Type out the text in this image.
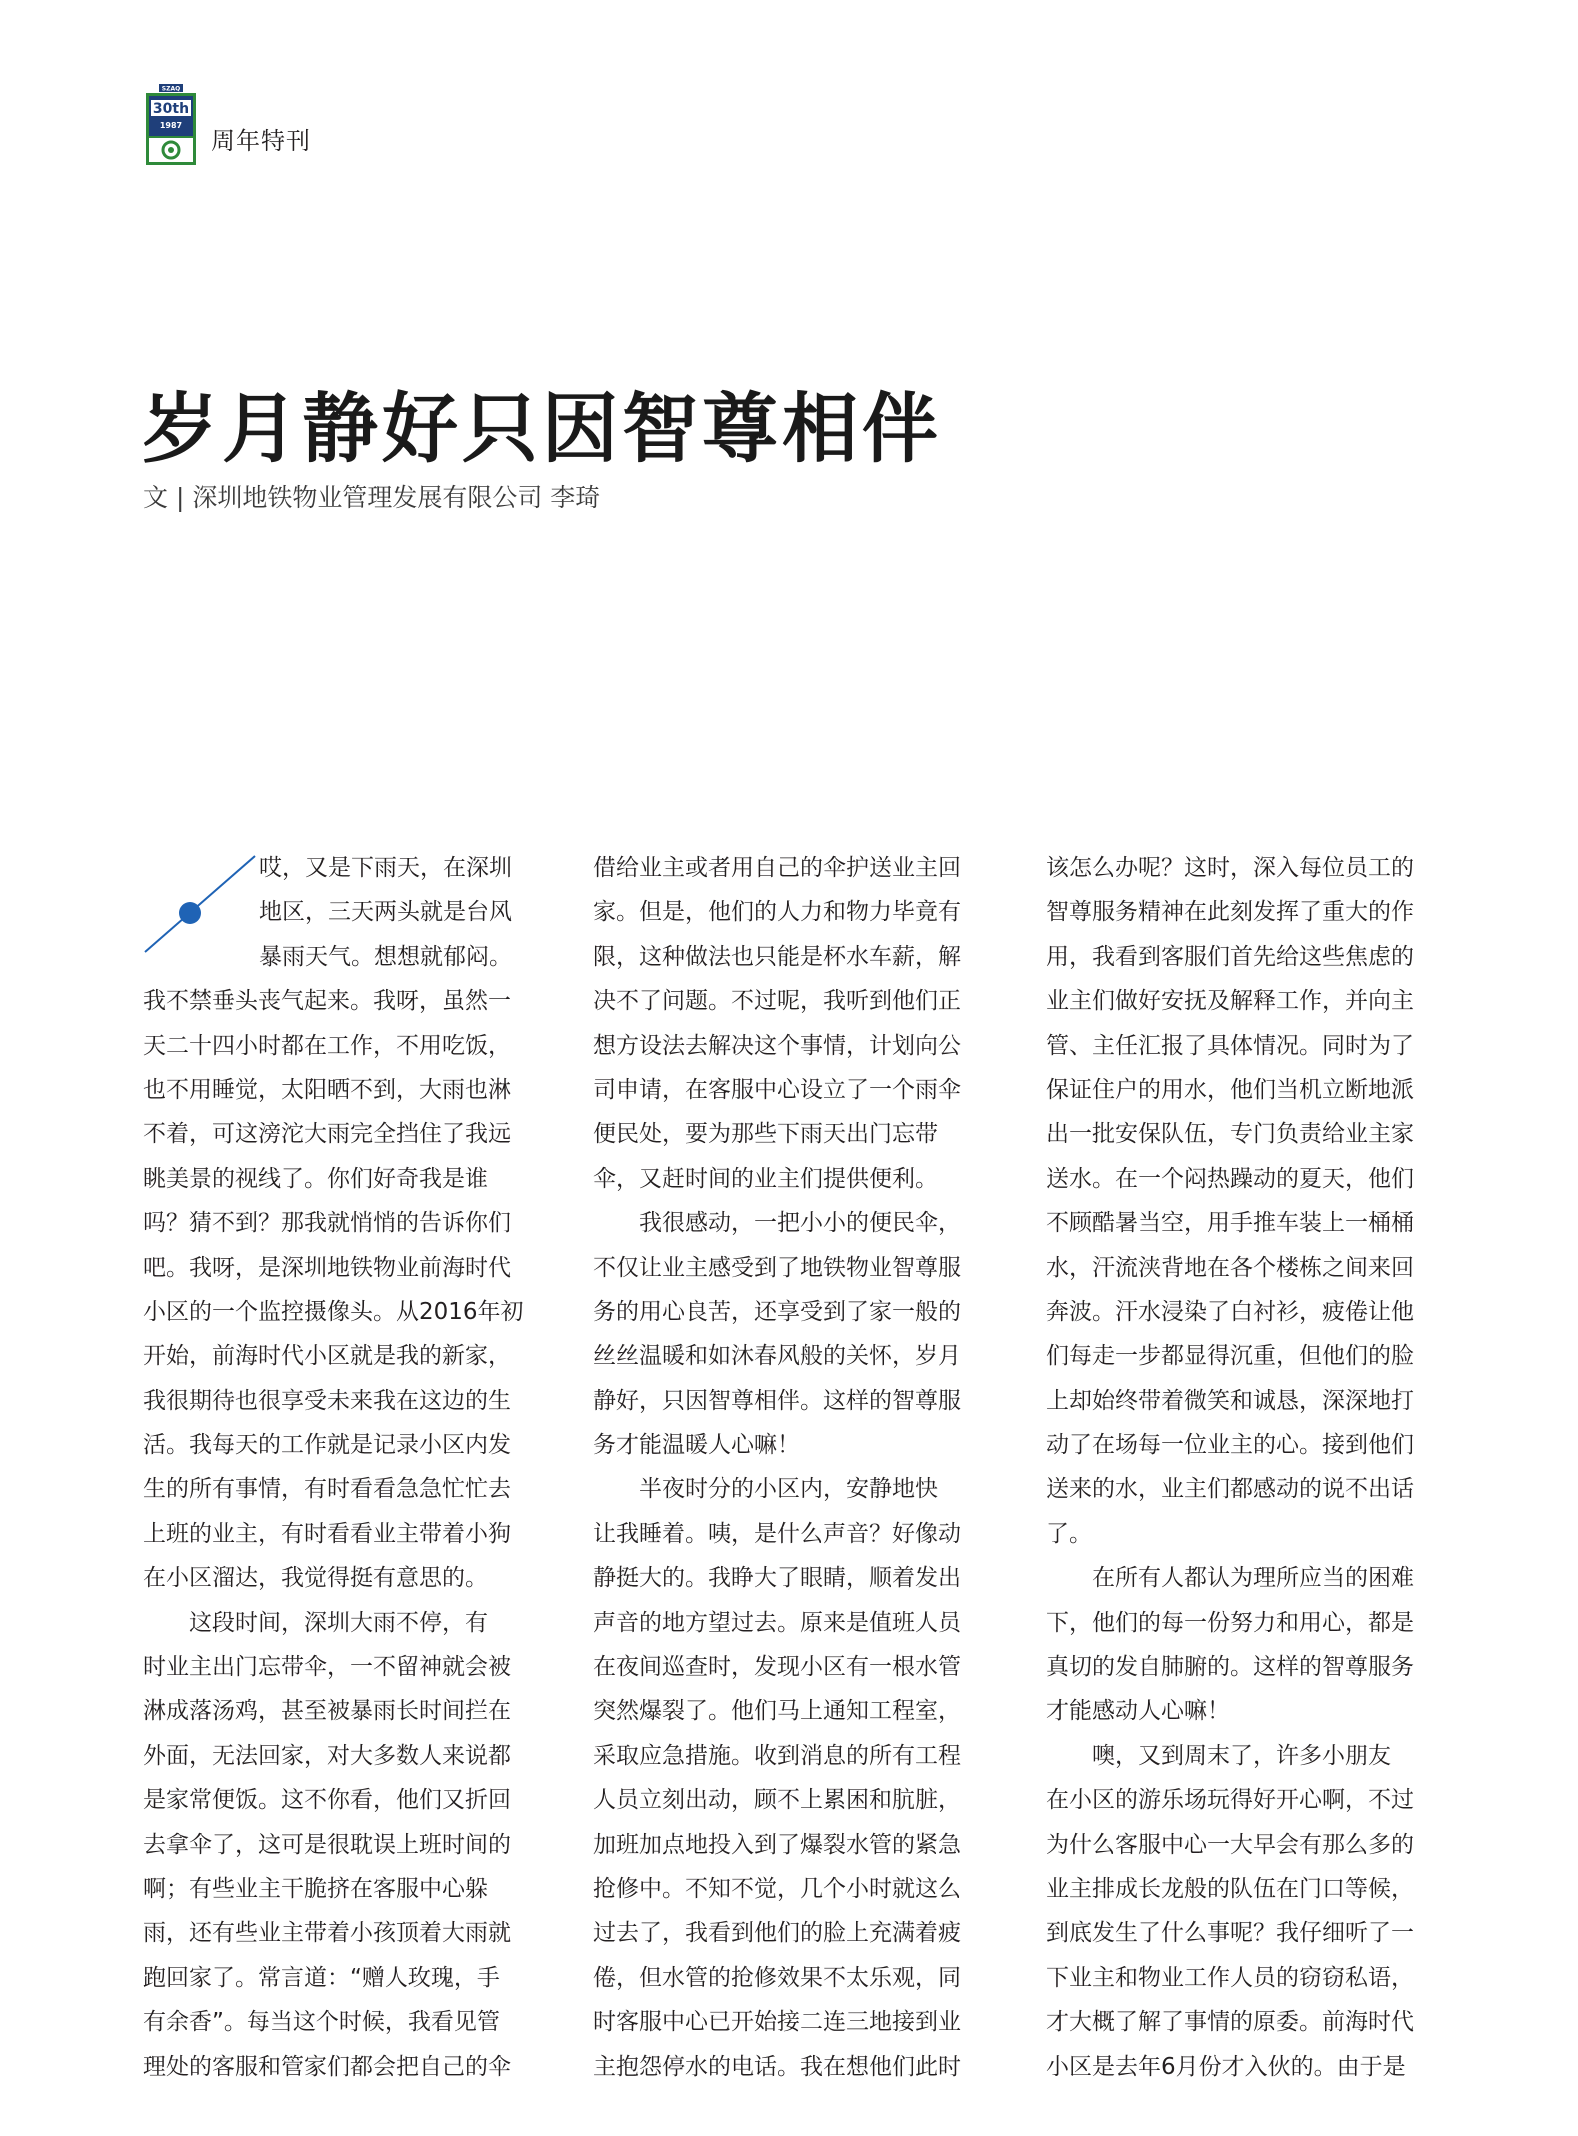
SZAQ
30th
1987
周年特刊
岁月静好只因智尊相伴
文 | 深圳地铁物业管理发展有限公司 李琦
哎，又是下雨天，在深圳
地区，三天两头就是台风
暴雨天气。想想就郁闷。
我不禁垂头丧气起来。我呀，虽然一
天二十四小时都在工作，不用吃饭，
也不用睡觉，太阳晒不到，大雨也淋
不着，可这滂沱大雨完全挡住了我远
眺美景的视线了。你们好奇我是谁
吗？猜不到？那我就悄悄的告诉你们
吧。我呀，是深圳地铁物业前海时代
小区的一个监控摄像头。从2016年初
开始，前海时代小区就是我的新家，
我很期待也很享受未来我在这边的生
活。我每天的工作就是记录小区内发
生的所有事情，有时看看急急忙忙去
上班的业主，有时看看业主带着小狗
在小区溜达，我觉得挺有意思的。
　　这段时间，深圳大雨不停，有
时业主出门忘带伞，一不留神就会被
淋成落汤鸡，甚至被暴雨长时间拦在
外面，无法回家，对大多数人来说都
是家常便饭。这不你看，他们又折回
去拿伞了，这可是很耽误上班时间的
啊；有些业主干脆挤在客服中心躲
雨，还有些业主带着小孩顶着大雨就
跑回家了。常言道：“赠人玫瑰，手
有余香”。每当这个时候，我看见管
理处的客服和管家们都会把自己的伞
借给业主或者用自己的伞护送业主回
家。但是，他们的人力和物力毕竟有
限，这种做法也只能是杯水车薪，解
决不了问题。不过呢，我听到他们正
想方设法去解决这个事情，计划向公
司申请，在客服中心设立了一个雨伞
便民处，要为那些下雨天出门忘带
伞，又赶时间的业主们提供便利。
　　我很感动，一把小小的便民伞，
不仅让业主感受到了地铁物业智尊服
务的用心良苦，还享受到了家一般的
丝丝温暖和如沐春风般的关怀，岁月
静好，只因智尊相伴。这样的智尊服
务才能温暖人心嘛！
　　半夜时分的小区内，安静地快
让我睡着。咦，是什么声音？好像动
静挺大的。我睁大了眼睛，顺着发出
声音的地方望过去。原来是值班人员
在夜间巡查时，发现小区有一根水管
突然爆裂了。他们马上通知工程室，
采取应急措施。收到消息的所有工程
人员立刻出动，顾不上累困和肮脏，
加班加点地投入到了爆裂水管的紧急
抢修中。不知不觉，几个小时就这么
过去了，我看到他们的脸上充满着疲
倦，但水管的抢修效果不太乐观，同
时客服中心已开始接二连三地接到业
主抱怨停水的电话。我在想他们此时
该怎么办呢？这时，深入每位员工的
智尊服务精神在此刻发挥了重大的作
用，我看到客服们首先给这些焦虑的
业主们做好安抚及解释工作，并向主
管、主任汇报了具体情况。同时为了
保证住户的用水，他们当机立断地派
出一批安保队伍，专门负责给业主家
送水。在一个闷热躁动的夏天，他们
不顾酷暑当空，用手推车装上一桶桶
水，汗流浃背地在各个楼栋之间来回
奔波。汗水浸染了白衬衫，疲倦让他
们每走一步都显得沉重，但他们的脸
上却始终带着微笑和诚恳，深深地打
动了在场每一位业主的心。接到他们
送来的水，业主们都感动的说不出话
了。
　　在所有人都认为理所应当的困难
下，他们的每一份努力和用心，都是
真切的发自肺腑的。这样的智尊服务
才能感动人心嘛！
　　噢，又到周末了，许多小朋友
在小区的游乐场玩得好开心啊，不过
为什么客服中心一大早会有那么多的
业主排成长龙般的队伍在门口等候，
到底发生了什么事呢？我仔细听了一
下业主和物业工作人员的窃窃私语，
才大概了解了事情的原委。前海时代
小区是去年6月份才入伙的。由于是
